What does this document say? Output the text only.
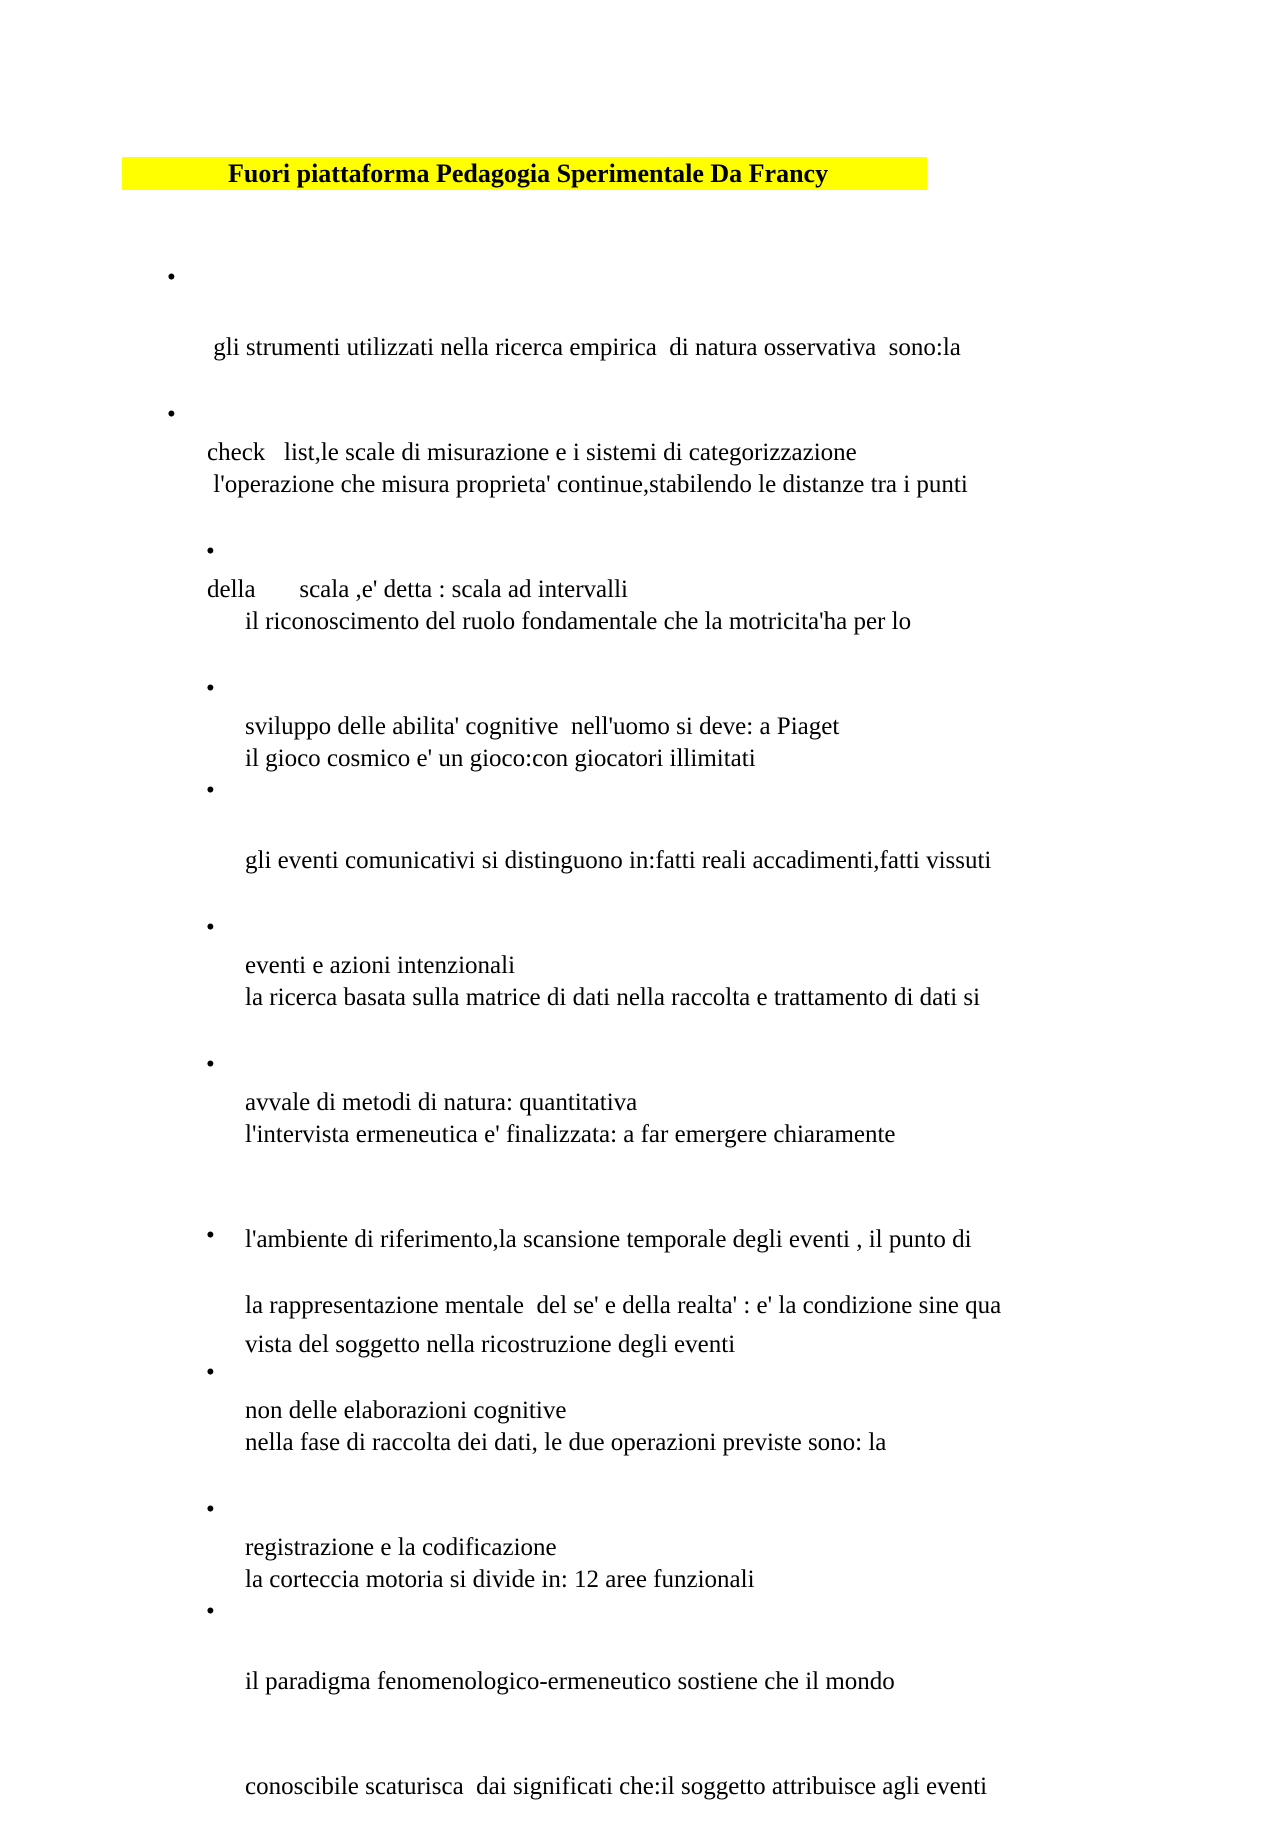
Fuori piattaforma Pedagogia Sperimentale Da Francy
•

gli strumenti utilizzati nella ricerca empirica  di natura osservativa  sono:la

check   list,le scale di misurazione e i sistemi di categorizzazione

•

l'operazione che misura proprieta' continue,stabilendo le distanze tra i punti

della       scala ,e' detta : scala ad intervalli

•

il riconoscimento del ruolo fondamentale che la motricita'ha per lo

sviluppo delle abilita' cognitive  nell'uomo si deve: a Piaget

•

il gioco cosmico e' un gioco:con giocatori illimitati

•

gli eventi comunicativi si distinguono in:fatti reali accadimenti,fatti vissuti

eventi e azioni intenzionali

•

la ricerca basata sulla matrice di dati nella raccolta e trattamento di dati si

avvale di metodi di natura: quantitativa

•

l'intervista ermeneutica e' finalizzata: a far emergere chiaramente

l'ambiente di riferimento,la scansione temporale degli eventi , il punto di

vista del soggetto nella ricostruzione degli eventi

•

la rappresentazione mentale  del se' e della realta' : e' la condizione sine qua

non delle elaborazioni cognitive

•

nella fase di raccolta dei dati, le due operazioni previste sono: la

registrazione e la codificazione

•

la corteccia motoria si divide in: 12 aree funzionali

•

il paradigma fenomenologico-ermeneutico sostiene che il mondo

conoscibile scaturisca  dai significati che:il soggetto attribuisce agli eventi
